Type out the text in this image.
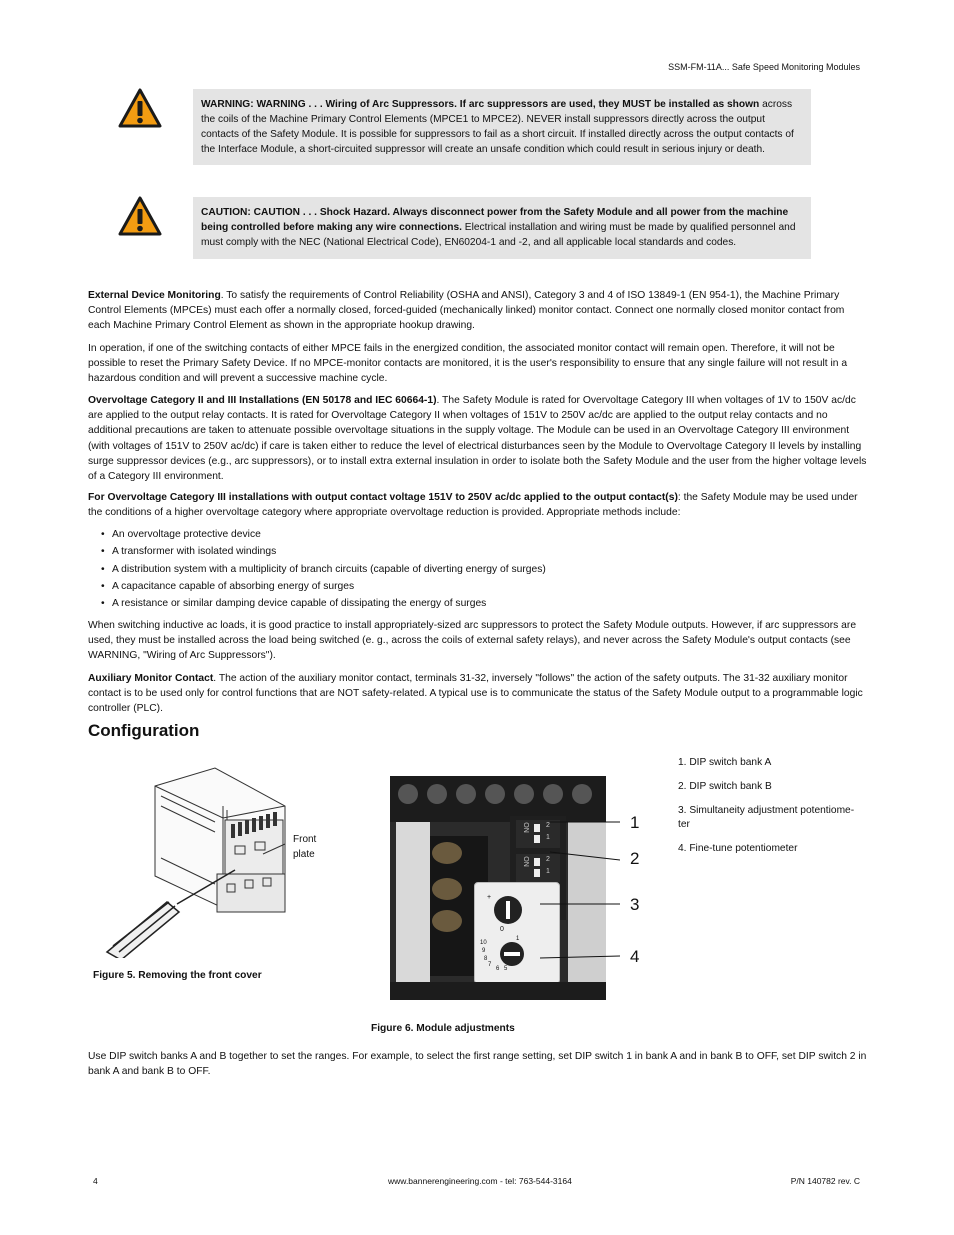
SSM-FM-11A... Safe Speed Monitoring Modules
WARNING: WARNING . . . Wiring of Arc Suppressors. If arc suppressors are used, they MUST be installed as shown across the coils of the Machine Primary Control Elements (MPCE1 to MPCE2). NEVER install suppressors directly across the output contacts of the Safety Module. It is possible for suppressors to fail as a short circuit. If installed directly across the output contacts of the Interface Module, a short-circuited suppressor will create an unsafe condition which could result in serious injury or death.
CAUTION: CAUTION . . . Shock Hazard. Always disconnect power from the Safety Module and all power from the machine being controlled before making any wire connections. Electrical installation and wiring must be made by qualified personnel and must comply with the NEC (National Electrical Code), EN60204-1 and -2, and all applicable local standards and codes.
External Device Monitoring. To satisfy the requirements of Control Reliability (OSHA and ANSI), Category 3 and 4 of ISO 13849-1 (EN 954-1), the Machine Primary Control Elements (MPCEs) must each offer a normally closed, forced-guided (mechanically linked) monitor contact. Connect one normally closed monitor contact from each Machine Primary Control Element as shown in the appropriate hookup drawing.
In operation, if one of the switching contacts of either MPCE fails in the energized condition, the associated monitor contact will remain open. Therefore, it will not be possible to reset the Primary Safety Device. If no MPCE-monitor contacts are monitored, it is the user's responsibility to ensure that any single failure will not result in a hazardous condition and will prevent a successive machine cycle.
Overvoltage Category II and III Installations (EN 50178 and IEC 60664-1). The Safety Module is rated for Overvoltage Category III when voltages of 1V to 150V ac/dc are applied to the output relay contacts. It is rated for Overvoltage Category II when voltages of 151V to 250V ac/dc are applied to the output relay contacts and no additional precautions are taken to attenuate possible overvoltage situations in the supply voltage. The Module can be used in an Overvoltage Category III environment (with voltages of 151V to 250V ac/dc) if care is taken either to reduce the level of electrical disturbances seen by the Module to Overvoltage Category II levels by installing surge suppressor devices (e.g., arc suppressors), or to install extra external insulation in order to isolate both the Safety Module and the user from the higher voltage levels of a Category III environment.
For Overvoltage Category III installations with output contact voltage 151V to 250V ac/dc applied to the output contact(s): the Safety Module may be used under the conditions of a higher overvoltage category where appropriate overvoltage reduction is provided. Appropriate methods include:
• An overvoltage protective device
• A transformer with isolated windings
• A distribution system with a multiplicity of branch circuits (capable of diverting energy of surges)
• A capacitance capable of absorbing energy of surges
• A resistance or similar damping device capable of dissipating the energy of surges
When switching inductive ac loads, it is good practice to install appropriately-sized arc suppressors to protect the Safety Module outputs. However, if arc suppressors are used, they must be installed across the load being switched (e. g., across the coils of external safety relays), and never across the Safety Module's output contacts (see WARNING, "Wiring of Arc Suppressors").
Auxiliary Monitor Contact. The action of the auxiliary monitor contact, terminals 31-32, inversely "follows" the action of the safety outputs. The 31-32 auxiliary monitor contact is to be used only for control functions that are NOT safety-related. A typical use is to communicate the status of the Safety Module output to a programmable logic controller (PLC).
Configuration
Front plate
Figure 5. Removing the front cover
ON 2
1
ON 2
1
+
0
10
9
8
7
6 5
1
1
2
3
4
1. DIP switch bank A
2. DIP switch bank B
3. Simultaneity adjustment potentiome-ter
4. Fine-tune potentiometer
Figure 6. Module adjustments
Use DIP switch banks A and B together to set the ranges. For example, to select the first range setting, set DIP switch 1 in bank A and in bank B to OFF, set DIP switch 2 in bank A and bank B to OFF.
4	www.bannerengineering.com - tel: 763-544-3164	P/N 140782 rev. C
